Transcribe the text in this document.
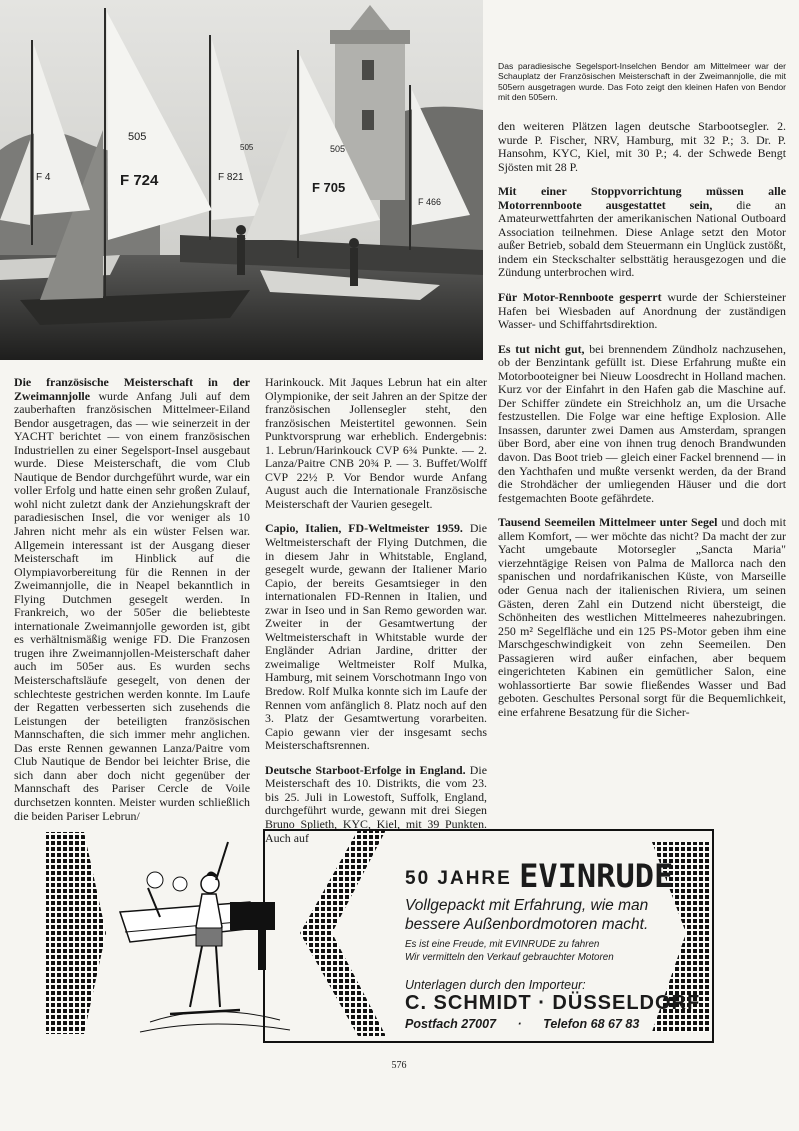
F 724	F 821
F 705
F 466
F 4
505
505
505
Das paradiesische Segelsport-Inselchen Bendor am Mittelmeer war der Schauplatz der Französischen Meisterschaft in der Zweimannjolle, die mit 505ern ausgetragen wurde. Das Foto zeigt den kleinen Hafen von Bendor mit den 505ern.

Die französische Meisterschaft in der Zweimannjolle wurde Anfang Juli auf dem zauberhaften französischen Mittelmeer-Eiland Bendor ausgetragen, das — wie seinerzeit in der YACHT berichtet — von einem französischen Industriellen zu einer Segelsport-Insel ausgebaut wurde. Diese Meisterschaft, die vom Club Nautique de Bendor durchgeführt wurde, war ein voller Erfolg und hatte einen sehr großen Zulauf, wohl nicht zuletzt dank der Anziehungskraft der paradiesischen Insel, die vor weniger als 10 Jahren nicht mehr als ein wüster Felsen war. Allgemein interessant ist der Ausgang dieser Meisterschaft im Hinblick auf die Olympiavorbereitung für die Rennen in der Zweimannjolle, die in Neapel bekanntlich in Flying Dutchmen gesegelt werden. In Frankreich, wo der 505er die beliebteste internationale Zweimannjolle geworden ist, gibt es verhältnismäßig wenige FD. Die Franzosen trugen ihre Zweimannjollen-Meisterschaft daher auch im 505er aus. Es wurden sechs Meisterschaftsläufe gesegelt, von denen der schlechteste gestrichen werden konnte. Im Laufe der Regatten verbesserten sich zusehends die Leistungen der beteiligten französischen Mannschaften, die sich immer mehr anglichen. Das erste Rennen gewannen Lanza/Paitre vom Club Nautique de Bendor bei leichter Brise, die sich dann aber doch nicht gegenüber der Mannschaft des Pariser Cercle de Voile durchsetzen konnten. Meister wurden schließlich die beiden Pariser Lebrun/

Harinkouck. Mit Jaques Lebrun hat ein alter Olympionike, der seit Jahren an der Spitze der französischen Jollensegler steht, den französischen Meistertitel gewonnen. Sein Punktvorsprung war erheblich. Endergebnis: 1. Lebrun/Harinkouck CVP 6¾ Punkte. — 2. Lanza/Paitre CNB 20¾ P. — 3. Buffet/Wolff CVP 22½ P. Vor Bendor wurde Anfang August auch die Internationale Französische Meisterschaft der Vaurien gesegelt.

Capio, Italien, FD-Weltmeister 1959. Die Weltmeisterschaft der Flying Dutchmen, die in diesem Jahr in Whitstable, England, gesegelt wurde, gewann der Italiener Mario Capio, der bereits Gesamtsieger in den internationalen FD-Rennen in Italien, und zwar in Iseo und in San Remo geworden war. Zweiter in der Gesamtwertung der Weltmeisterschaft in Whitstable wurde der Engländer Adrian Jardine, dritter der zweimalige Weltmeister Rolf Mulka, Hamburg, mit seinem Vorschotmann Ingo von Bredow. Rolf Mulka konnte sich im Laufe der Rennen vom anfänglich 8. Platz noch auf den 3. Platz der Gesamtwertung vorarbeiten. Capio gewann vier der insgesamt sechs Meisterschaftsrennen.

Deutsche Starboot-Erfolge in England. Die Meisterschaft des 10. Distrikts, die vom 23. bis 25. Juli in Lowestoft, Suffolk, England, durchgeführt wurde, gewann mit drei Siegen Bruno Splieth, KYC, Kiel, mit 39 Punkten. Auch auf

den weiteren Plätzen lagen deutsche Starbootsegler. 2. wurde P. Fischer, NRV, Hamburg, mit 32 P.; 3. Dr. P. Hansohm, KYC, Kiel, mit 30 P.; 4. der Schwede Bengt Sjösten mit 28 P.

Mit einer Stoppvorrichtung müssen alle Motorrennboote ausgestattet sein, die an Amateurwettfahrten der amerikanischen National Outboard Association teilnehmen. Diese Anlage setzt den Motor außer Betrieb, sobald dem Steuermann ein Unglück zustößt, indem ein Steckschalter selbsttätig herausgezogen und die Zündung unterbrochen wird.

Für Motor-Rennboote gesperrt wurde der Schiersteiner Hafen bei Wiesbaden auf Anordnung der zuständigen Wasser- und Schiffahrtsdirektion.

Es tut nicht gut, bei brennendem Zündholz nachzusehen, ob der Benzintank gefüllt ist. Diese Erfahrung mußte ein Motorbooteigner bei Nieuw Loosdrecht in Holland machen. Kurz vor der Einfahrt in den Hafen gab die Maschine auf. Der Schiffer zündete ein Streichholz an, um die Ursache festzustellen. Die Folge war eine heftige Explosion. Alle Insassen, darunter zwei Damen aus Amsterdam, sprangen über Bord, aber eine von ihnen trug denoch Brandwunden davon. Das Boot trieb — gleich einer Fackel brennend — in den Yachthafen und mußte versenkt werden, da der Brand die Strohdächer der umliegenden Häuser und die dort festgemachten Boote gefährdete.

Tausend Seemeilen Mittelmeer unter Segel und doch mit allem Komfort, — wer möchte das nicht? Da macht der zur Yacht umgebaute Motorsegler „Sancta Maria" vierzehntägige Reisen von Palma de Mallorca nach den spanischen und nordafrikanischen Küste, von Marseille oder Genua nach der italienischen Riviera, um seinen Gästen, deren Zahl ein Dutzend nicht übersteigt, die Schönheiten des westlichen Mittelmeeres nahezubringen. 250 m² Segelfläche und ein 125 PS-Motor geben ihm eine Marschgeschwindigkeit von zehn Seemeilen. Den Passagieren wird außer einfachen, aber bequem eingerichteten Kabinen ein gemütlicher Salon, eine wohlassortierte Bar sowie fließendes Wasser und Bad geboten. Geschultes Personal sorgt für die Bequemlichkeit, eine erfahrene Besatzung für die Sicher-

50 JAHRE EVINRUDE
Vollgepackt mit Erfahrung, wie man
bessere Außenbordmotoren macht.
Es ist eine Freude, mit EVINRUDE zu fahren
Wir vermitteln den Verkauf gebrauchter Motoren
Unterlagen durch den Importeur:
C. SCHMIDT · DÜSSELDORF
Postfach 27007 · Telefon 68 67 83
576
